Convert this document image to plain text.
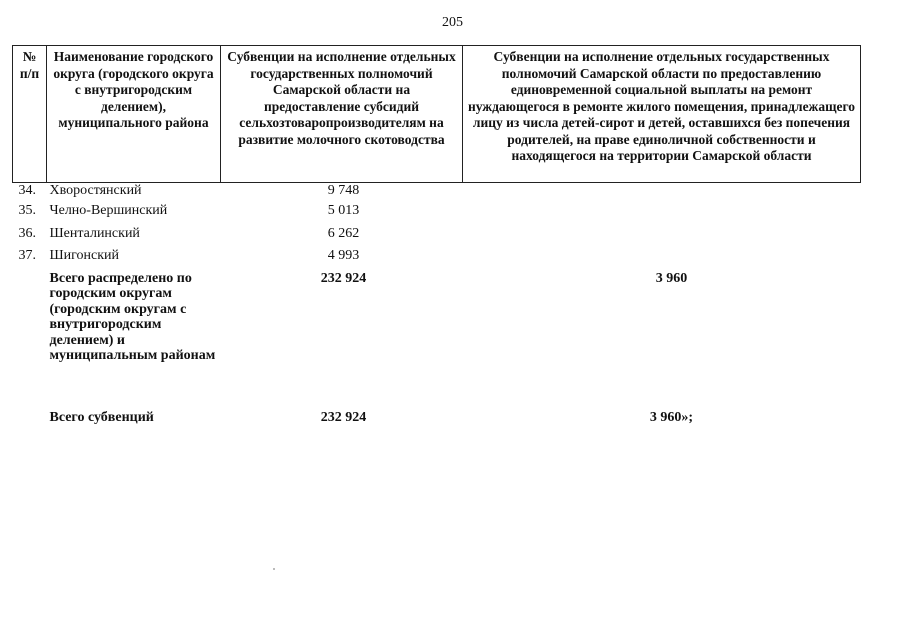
205
№ п/п	Наименование городского округа (городского округа с внутригородским делением), муниципального района	Субвенции на исполнение отдельных государственных полномочий Самарской области на предоставление субсидий сельхозтоваропроизводителям на развитие молочного скотоводства	Субвенции на исполнение отдельных государственных полномочий Самарской области по предоставлению единовременной социальной выплаты на ремонт нуждающегося в ремонте жилого помещения, принадлежащего лицу из числа детей-сирот и детей, оставшихся без попечения родителей, на праве единоличной собственности и находящегося на территории Самарской области
34.	Хворостянский	9 748	
35.	Челно-Вершинский	5 013	
36.	Шенталинский	6 262	
37.	Шигонский	4 993	
	Всего распределено по городским округам (городским округам с внутригородским делением) и муниципальным районам	232 924	3 960
	Всего субвенций	232 924	3 960»;
